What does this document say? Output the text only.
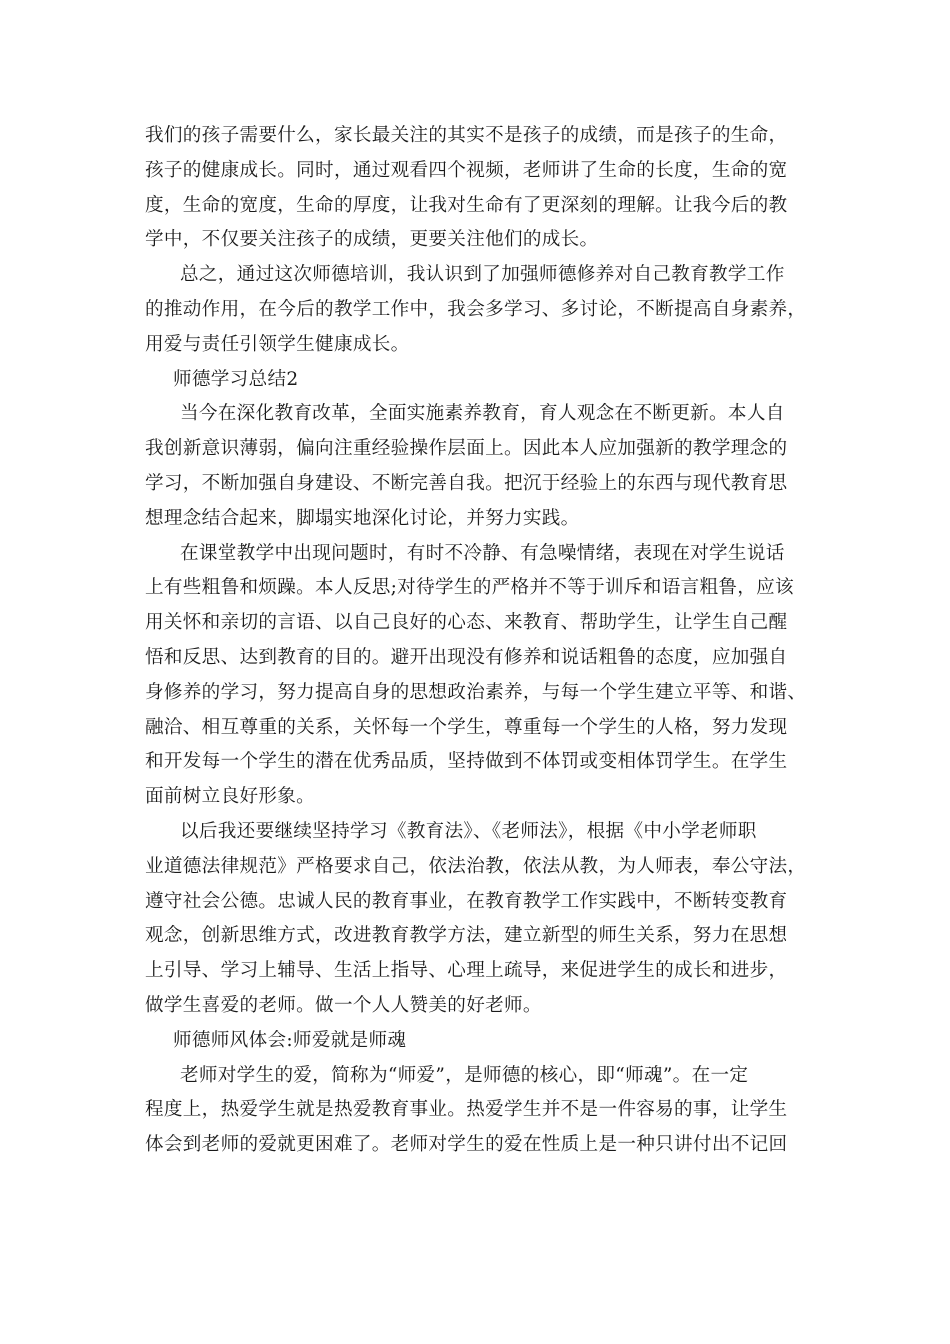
我们的孩子需要什么，家长最关注的其实不是孩子的成绩，而是孩子的生命，
孩子的健康成长。同时，通过观看四个视频，老师讲了生命的长度，生命的宽
度，生命的宽度，生命的厚度，让我对生命有了更深刻的理解。让我今后的教
学中，不仅要关注孩子的成绩，更要关注他们的成长。
总之，通过这次师德培训，我认识到了加强师德修养对自己教育教学工作
的推动作用，在今后的教学工作中，我会多学习、多讨论，不断提高自身素养，
用爱与责任引领学生健康成长。
师德学习总结2
当今在深化教育改革，全面实施素养教育，育人观念在不断更新。本人自
我创新意识薄弱，偏向注重经验操作层面上。因此本人应加强新的教学理念的
学习，不断加强自身建设、不断完善自我。把沉于经验上的东西与现代教育思
想理念结合起来，脚塌实地深化讨论，并努力实践。
在课堂教学中出现问题时，有时不冷静、有急噪情绪，表现在对学生说话
上有些粗鲁和烦躁。本人反思;对待学生的严格并不等于训斥和语言粗鲁，应该
用关怀和亲切的言语、以自己良好的心态、来教育、帮助学生，让学生自己醒
悟和反思、达到教育的目的。避开出现没有修养和说话粗鲁的态度，应加强自
身修养的学习，努力提高自身的思想政治素养，与每一个学生建立平等、和谐、
融洽、相互尊重的关系，关怀每一个学生，尊重每一个学生的人格，努力发现
和开发每一个学生的潜在优秀品质，坚持做到不体罚或变相体罚学生。在学生
面前树立良好形象。
以后我还要继续坚持学习《教育法》、《老师法》，根据《中小学老师职
业道德法律规范》严格要求自己，依法治教，依法从教，为人师表，奉公守法，
遵守社会公德。忠诚人民的教育事业，在教育教学工作实践中，不断转变教育
观念，创新思维方式，改进教育教学方法，建立新型的师生关系，努力在思想
上引导、学习上辅导、生活上指导、心理上疏导，来促进学生的成长和进步，
做学生喜爱的老师。做一个人人赞美的好老师。
师德师风体会:师爱就是师魂
老师对学生的爱，简称为“师爱”，是师德的核心，即“师魂”。在一定
程度上，热爱学生就是热爱教育事业。热爱学生并不是一件容易的事，让学生
体会到老师的爱就更困难了。老师对学生的爱在性质上是一种只讲付出不记回
